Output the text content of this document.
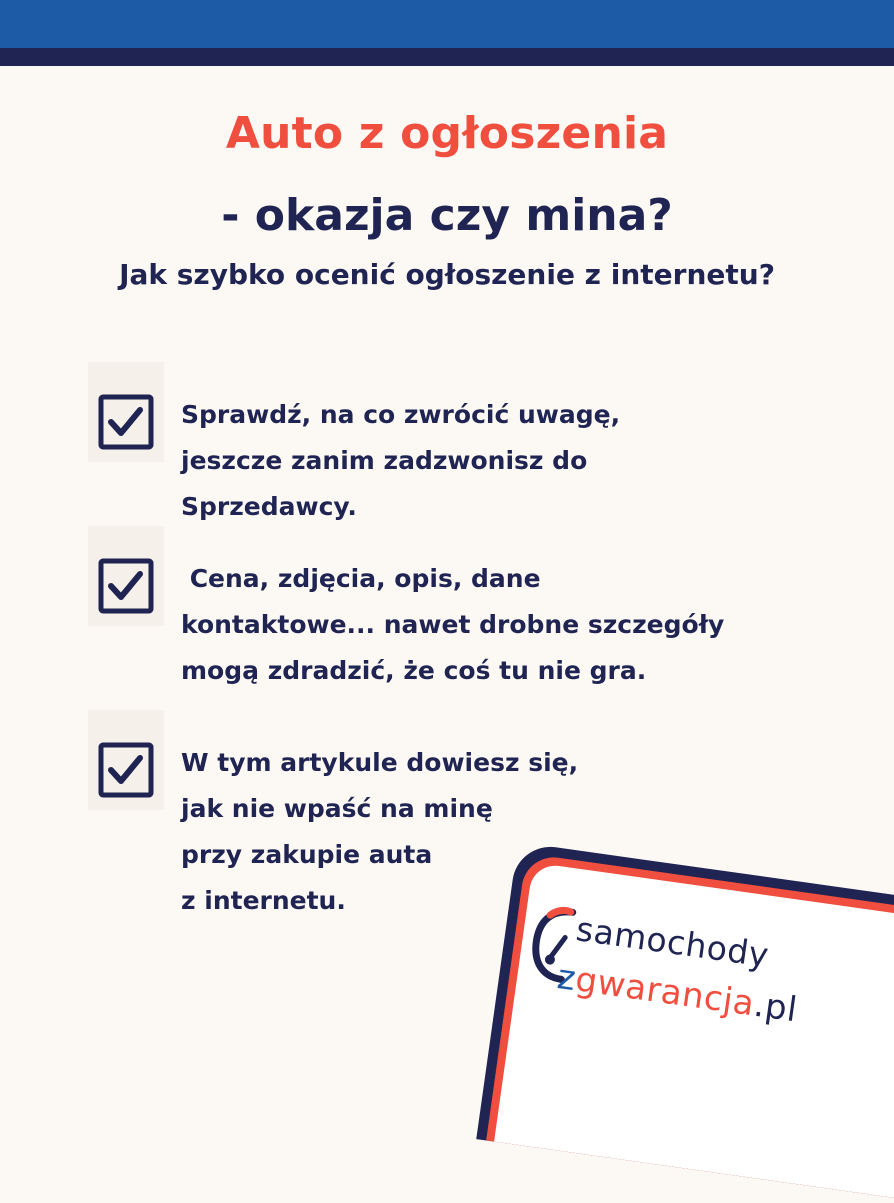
Auto z ogłoszenia
- okazja czy mina?
Jak szybko ocenić ogłoszenie z internetu?
Sprawdź, na co zwrócić uwagę,
jeszcze zanim zadzwonisz do
Sprzedawcy.
Cena, zdjęcia, opis, dane
kontaktowe... nawet drobne szczegóły
mogą zdradzić, że coś tu nie gra.
W tym artykule dowiesz się,
jak nie wpaść na minę
przy zakupie auta
z internetu.
samochody
zgwarancja.pl
